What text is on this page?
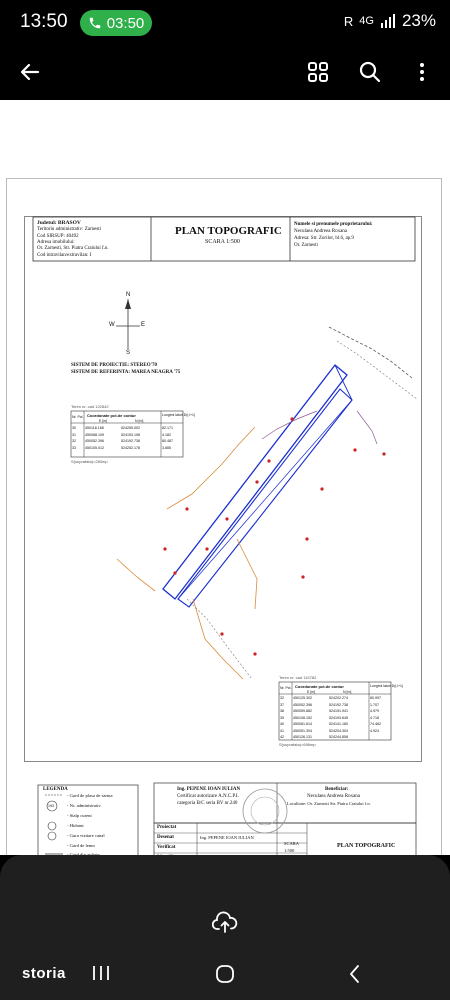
13:50	03:50	R 4G 23%
Judetul: BRASOV
Teritoriu administrativ: Zarnesti
Cod SIRSUP: 40492
Adresa imobilului:
Or. Zarnesti, Str. Piatra Craiului f.n.
Cod intravilan/extravilan: I
PLAN TOPOGRAFIC
SCARA 1:500
Numele si prenumele proprietarului:
Neculaea Andreea Roxana
Adresa: Str. Zorilor, bl.6, ap.9
Or. Zarnesti
N
S
E
W
SISTEM DE PROIECTIE: STEREO'70
SISTEM DE REFERINTA: MAREA NEAGRA '75
Teren nr. cad 122842
Coordonate pct.de contur	Lungimi laturi D(i,i+1)
Nr. Pct.
E [m]	N [m]
30	450118.168	524255.002	82.171
31	450068.109	524193.198	4.182
32	450052.396	524192.738	80.487
33	450105.012	524252.178	3.885
S(suprafata)=283mp
Teren nr. cad 115782
Coordonate pct.de contur	Lungimi laturi D(i,i+1)
Nr. Pct.
E [m]	N [m]
32	450125.302	524202.274	80.997
37	450052.396	524192.738	1.707
38	450059.882	524191.941	4.979
39	450108.152	524193.645	4.718
40	450061.614	524141.180	74.462
41	450051.304	524204.304	4.924
42	450126.131	524244.858
S(suprafata)=696mp
LEGENDA
193
- Gard de plasa de sarma
- Nr. administrativ
- Stalp curent
- Hidrant
- Gura vizitare canal
- Gard de lemn
Ing. PEPENE IOAN IULIAN
Certificat autorizare A.N.C.P.I.
categoria B/C seria BV nr.240
Beneficiar:
Neculaea Andreea Roxana
Localitate: Or. Zarnesti Str. Piatra Craiului f.n.
Proiectat
Desenat	Ing. PEPENE IOAN IULIAN
Verificat
SCARA
1:500
PLAN TOPOGRAFIC
storia
